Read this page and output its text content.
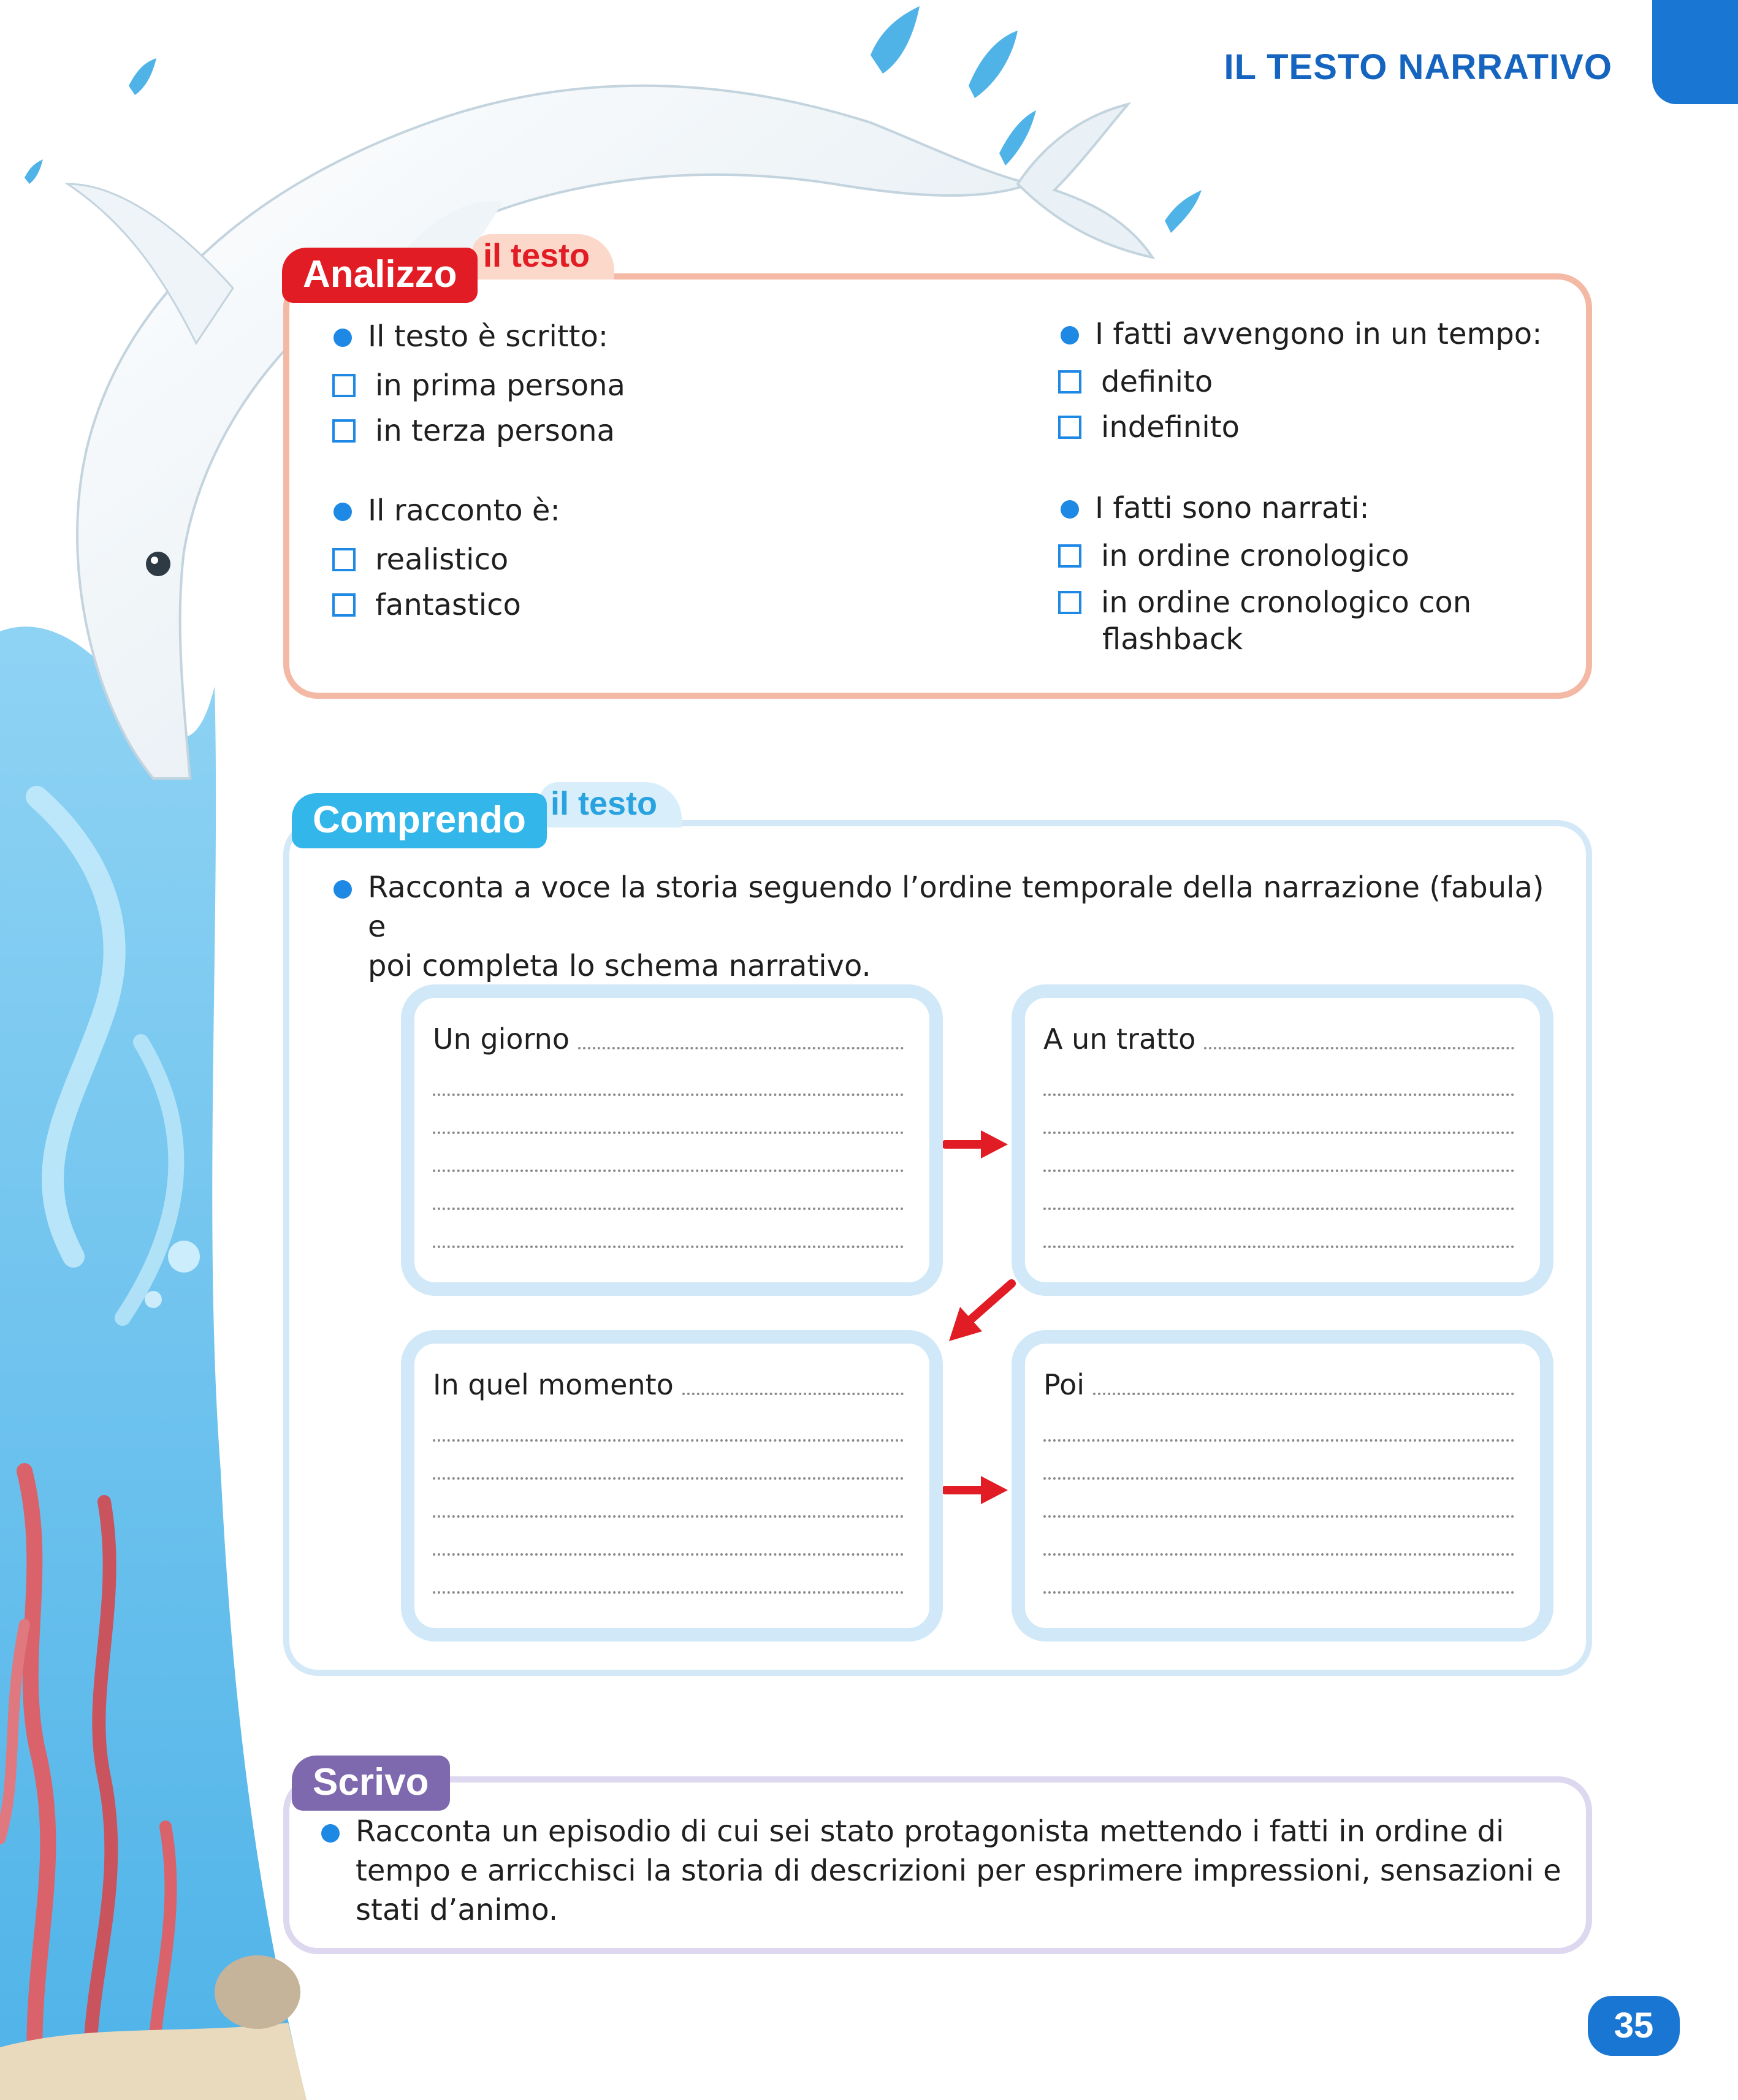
IL TESTO NARRATIVO
il testo
Analizzo
Il testo è scritto:
in prima persona
in terza persona
Il racconto è:
realistico
fantastico
I fatti avvengono in un tempo:
definito
indefinito
I fatti sono narrati:
in ordine cronologico
in ordine cronologico con
flashback
il testo
Comprendo
Racconta a voce la storia seguendo l’ordine temporale della narrazione (fabula) e
poi completa lo schema narrativo.
Un giorno	A un tratto
In quel momento	Poi
Scrivo
Racconta un episodio di cui sei stato protagonista mettendo i fatti in ordine di
tempo e arricchisci la storia di descrizioni per esprimere impressioni, sensazioni e
stati d’animo.
35
